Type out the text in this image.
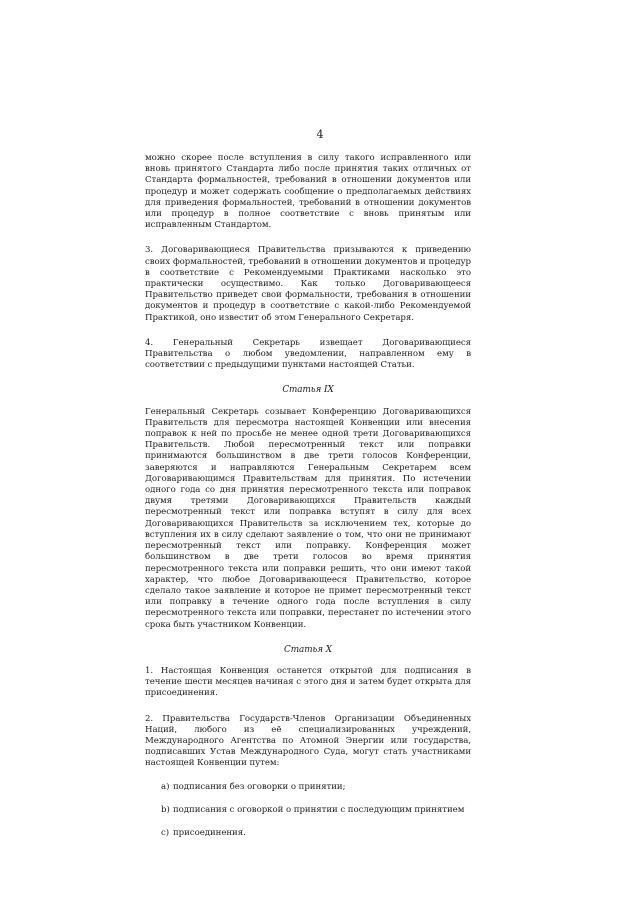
4

можно скорее после вступления в силу такого исправленного или вновь принятого Стандарта либо после принятия таких отличных от Стандарта формальностей, требований в отношении документов или процедур и может содержать сообщение о предполагаемых действиях для приведения формальностей, требований в отношении документов или процедур в полное соответствие с вновь принятым или исправленным Стандартом.

3. Договаривающиеся Правительства призываются к приведению своих формальностей, требований в отношении документов и процедур в соответствие с Рекомендуемыми Практиками насколько это практически осуществимо. Как только Договаривающееся Правительство приведет свои формальности, требования в отношении документов и процедур в соответствие с какой-либо Рекомендуемой Практикой, оно известит об этом Генерального Секретаря.

4. Генеральный Секретарь извещает Договаривающиеся Правительства о любом уведомлении, направленном ему в соответствии с предыдущими пунктами настоящей Статьи.

Статья IX

Генеральный Секретарь созывает Конференцию Договаривающихся Правительств для пересмотра настоящей Конвенции или внесения поправок к ней по просьбе не менее одной трети Договаривающихся Правительств. Любой пересмотренный текст или поправки принимаются большинством в две трети голосов Конференции, заверяются и направляются Генеральным Секретарем всем Договаривающимся Правительствам для принятия. По истечении одного года со дня принятия пересмотренного текста или поправок двумя третями Договаривающихся Правительств каждый пересмотренный текст или поправка вступят в силу для всех Договаривающихся Правительств за исключением тех, которые до вступления их в силу сделают заявление о том, что они не принимают пересмотренный текст или поправку. Конференция может большинством в две трети голосов во время принятия пересмотренного текста или поправки решить, что они имеют такой характер, что любое Договаривающееся Правительство, которое сделало такое заявление и которое не примет пересмотренный текст или поправку в течение одного года после вступления в силу пересмотренного текста или поправки, перестанет по истечении этого срока быть участником Конвенции.

Статья X

1. Настоящая Конвенция останется открытой для подписания в течение шести месяцев начиная с этого дня и затем будет открыта для присоединения.

2. Правительства Государств-Членов Организации Объединенных Наций, любого из её специализированных учреждений, Международного Агентства по Атомной Энергии или государства, подписавших Устав Международного Суда, могут стать участниками настоящей Конвенции путем:

a) подписания без оговорки о принятии;
b) подписания с оговоркой о принятии с последующим принятием
c) присоединения.
